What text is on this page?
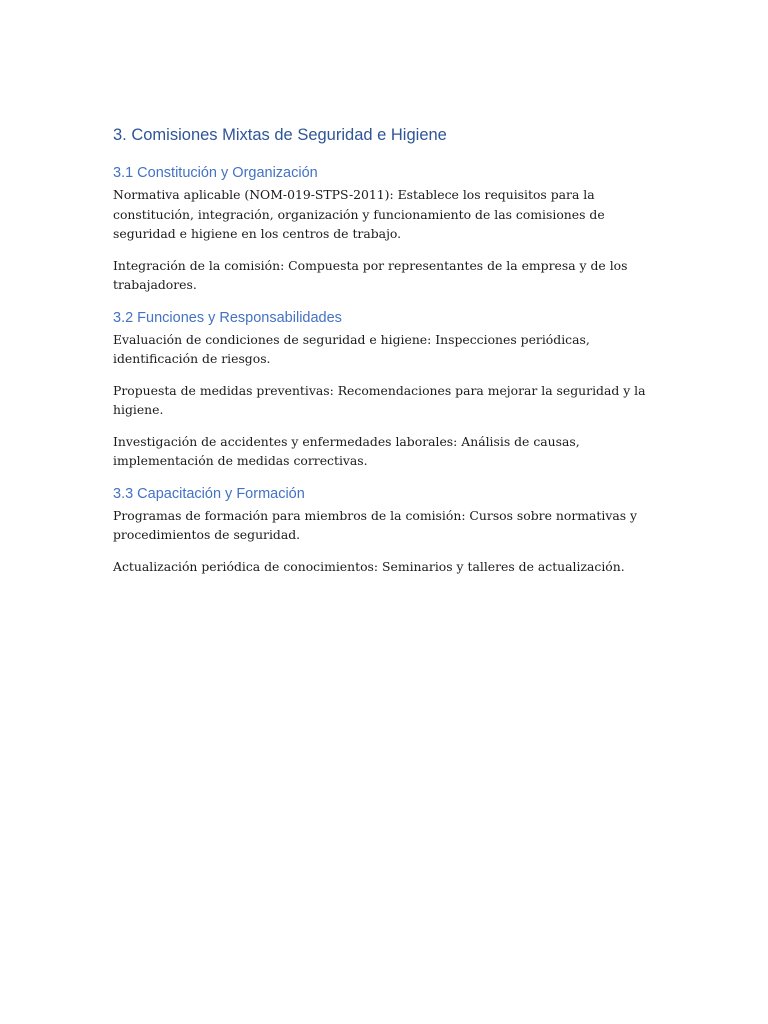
3. Comisiones Mixtas de Seguridad e Higiene
3.1 Constitución y Organización

Normativa aplicable (NOM-019-STPS-2011): Establece los requisitos para la constitución, integración, organización y funcionamiento de las comisiones de seguridad e higiene en los centros de trabajo.

Integración de la comisión: Compuesta por representantes de la empresa y de los trabajadores.

3.2 Funciones y Responsabilidades

Evaluación de condiciones de seguridad e higiene: Inspecciones periódicas, identificación de riesgos.

Propuesta de medidas preventivas: Recomendaciones para mejorar la seguridad y la higiene.

Investigación de accidentes y enfermedades laborales: Análisis de causas, implementación de medidas correctivas.

3.3 Capacitación y Formación

Programas de formación para miembros de la comisión: Cursos sobre normativas y procedimientos de seguridad.

Actualización periódica de conocimientos: Seminarios y talleres de actualización.
